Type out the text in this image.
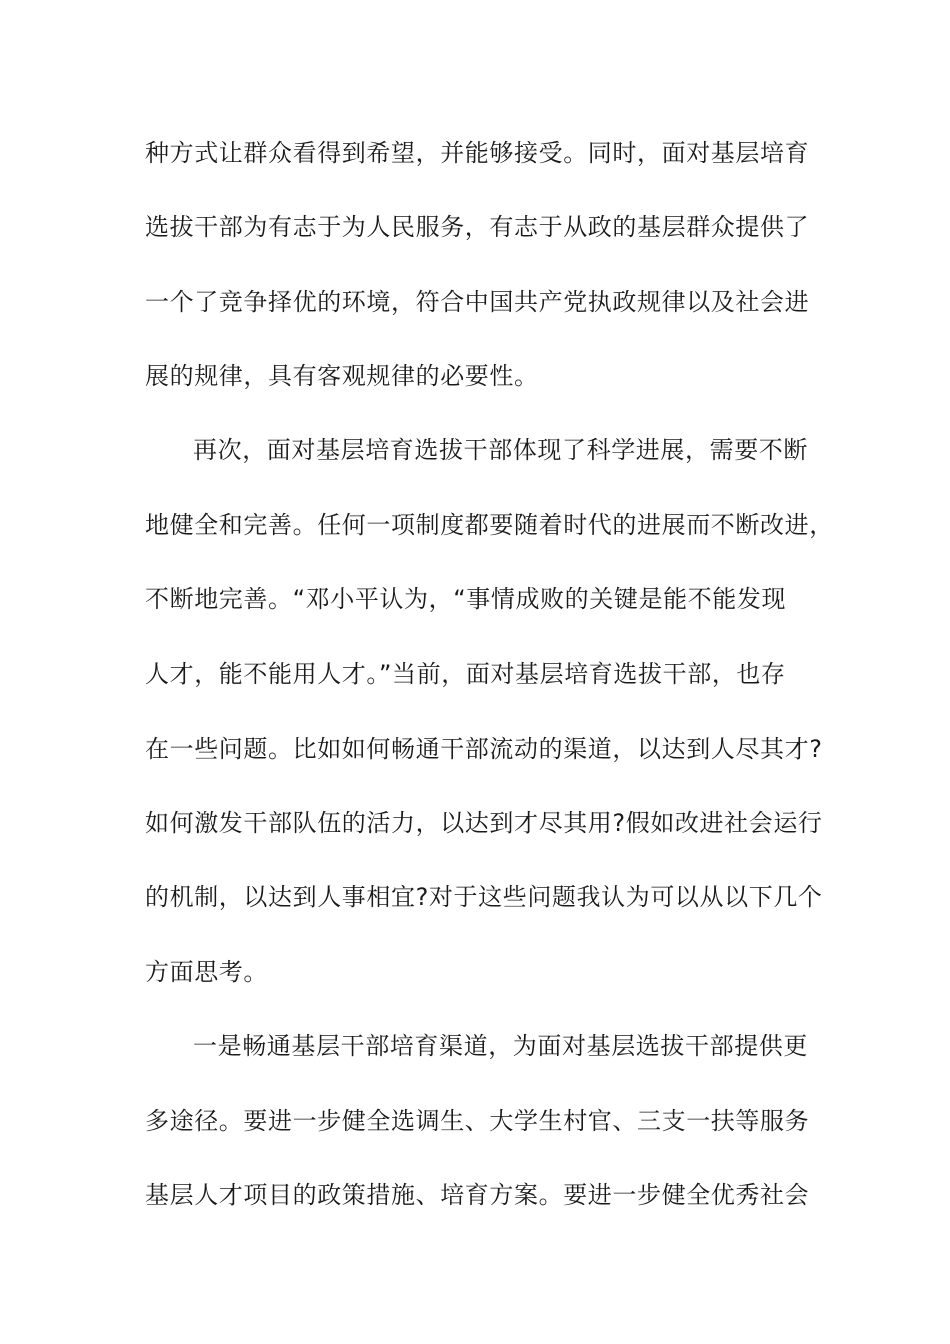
种方式让群众看得到希望，并能够接受。同时，面对基层培育
选拔干部为有志于为人民服务，有志于从政的基层群众提供了
一个了竞争择优的环境，符合中国共产党执政规律以及社会进
展的规律，具有客观规律的必要性。
再次，面对基层培育选拔干部体现了科学进展，需要不断
地健全和完善。任何一项制度都要随着时代的进展而不断改进，
不断地完善。“邓小平认为，“事情成败的关键是能不能发现
人才，能不能用人才。”当前，面对基层培育选拔干部，也存
在一些问题。比如如何畅通干部流动的渠道，以达到人尽其才?
如何激发干部队伍的活力，以达到才尽其用?假如改进社会运行
的机制，以达到人事相宜?对于这些问题我认为可以从以下几个
方面思考。
一是畅通基层干部培育渠道，为面对基层选拔干部提供更
多途径。要进一步健全选调生、大学生村官、三支一扶等服务
基层人才项目的政策措施、培育方案。要进一步健全优秀社会
